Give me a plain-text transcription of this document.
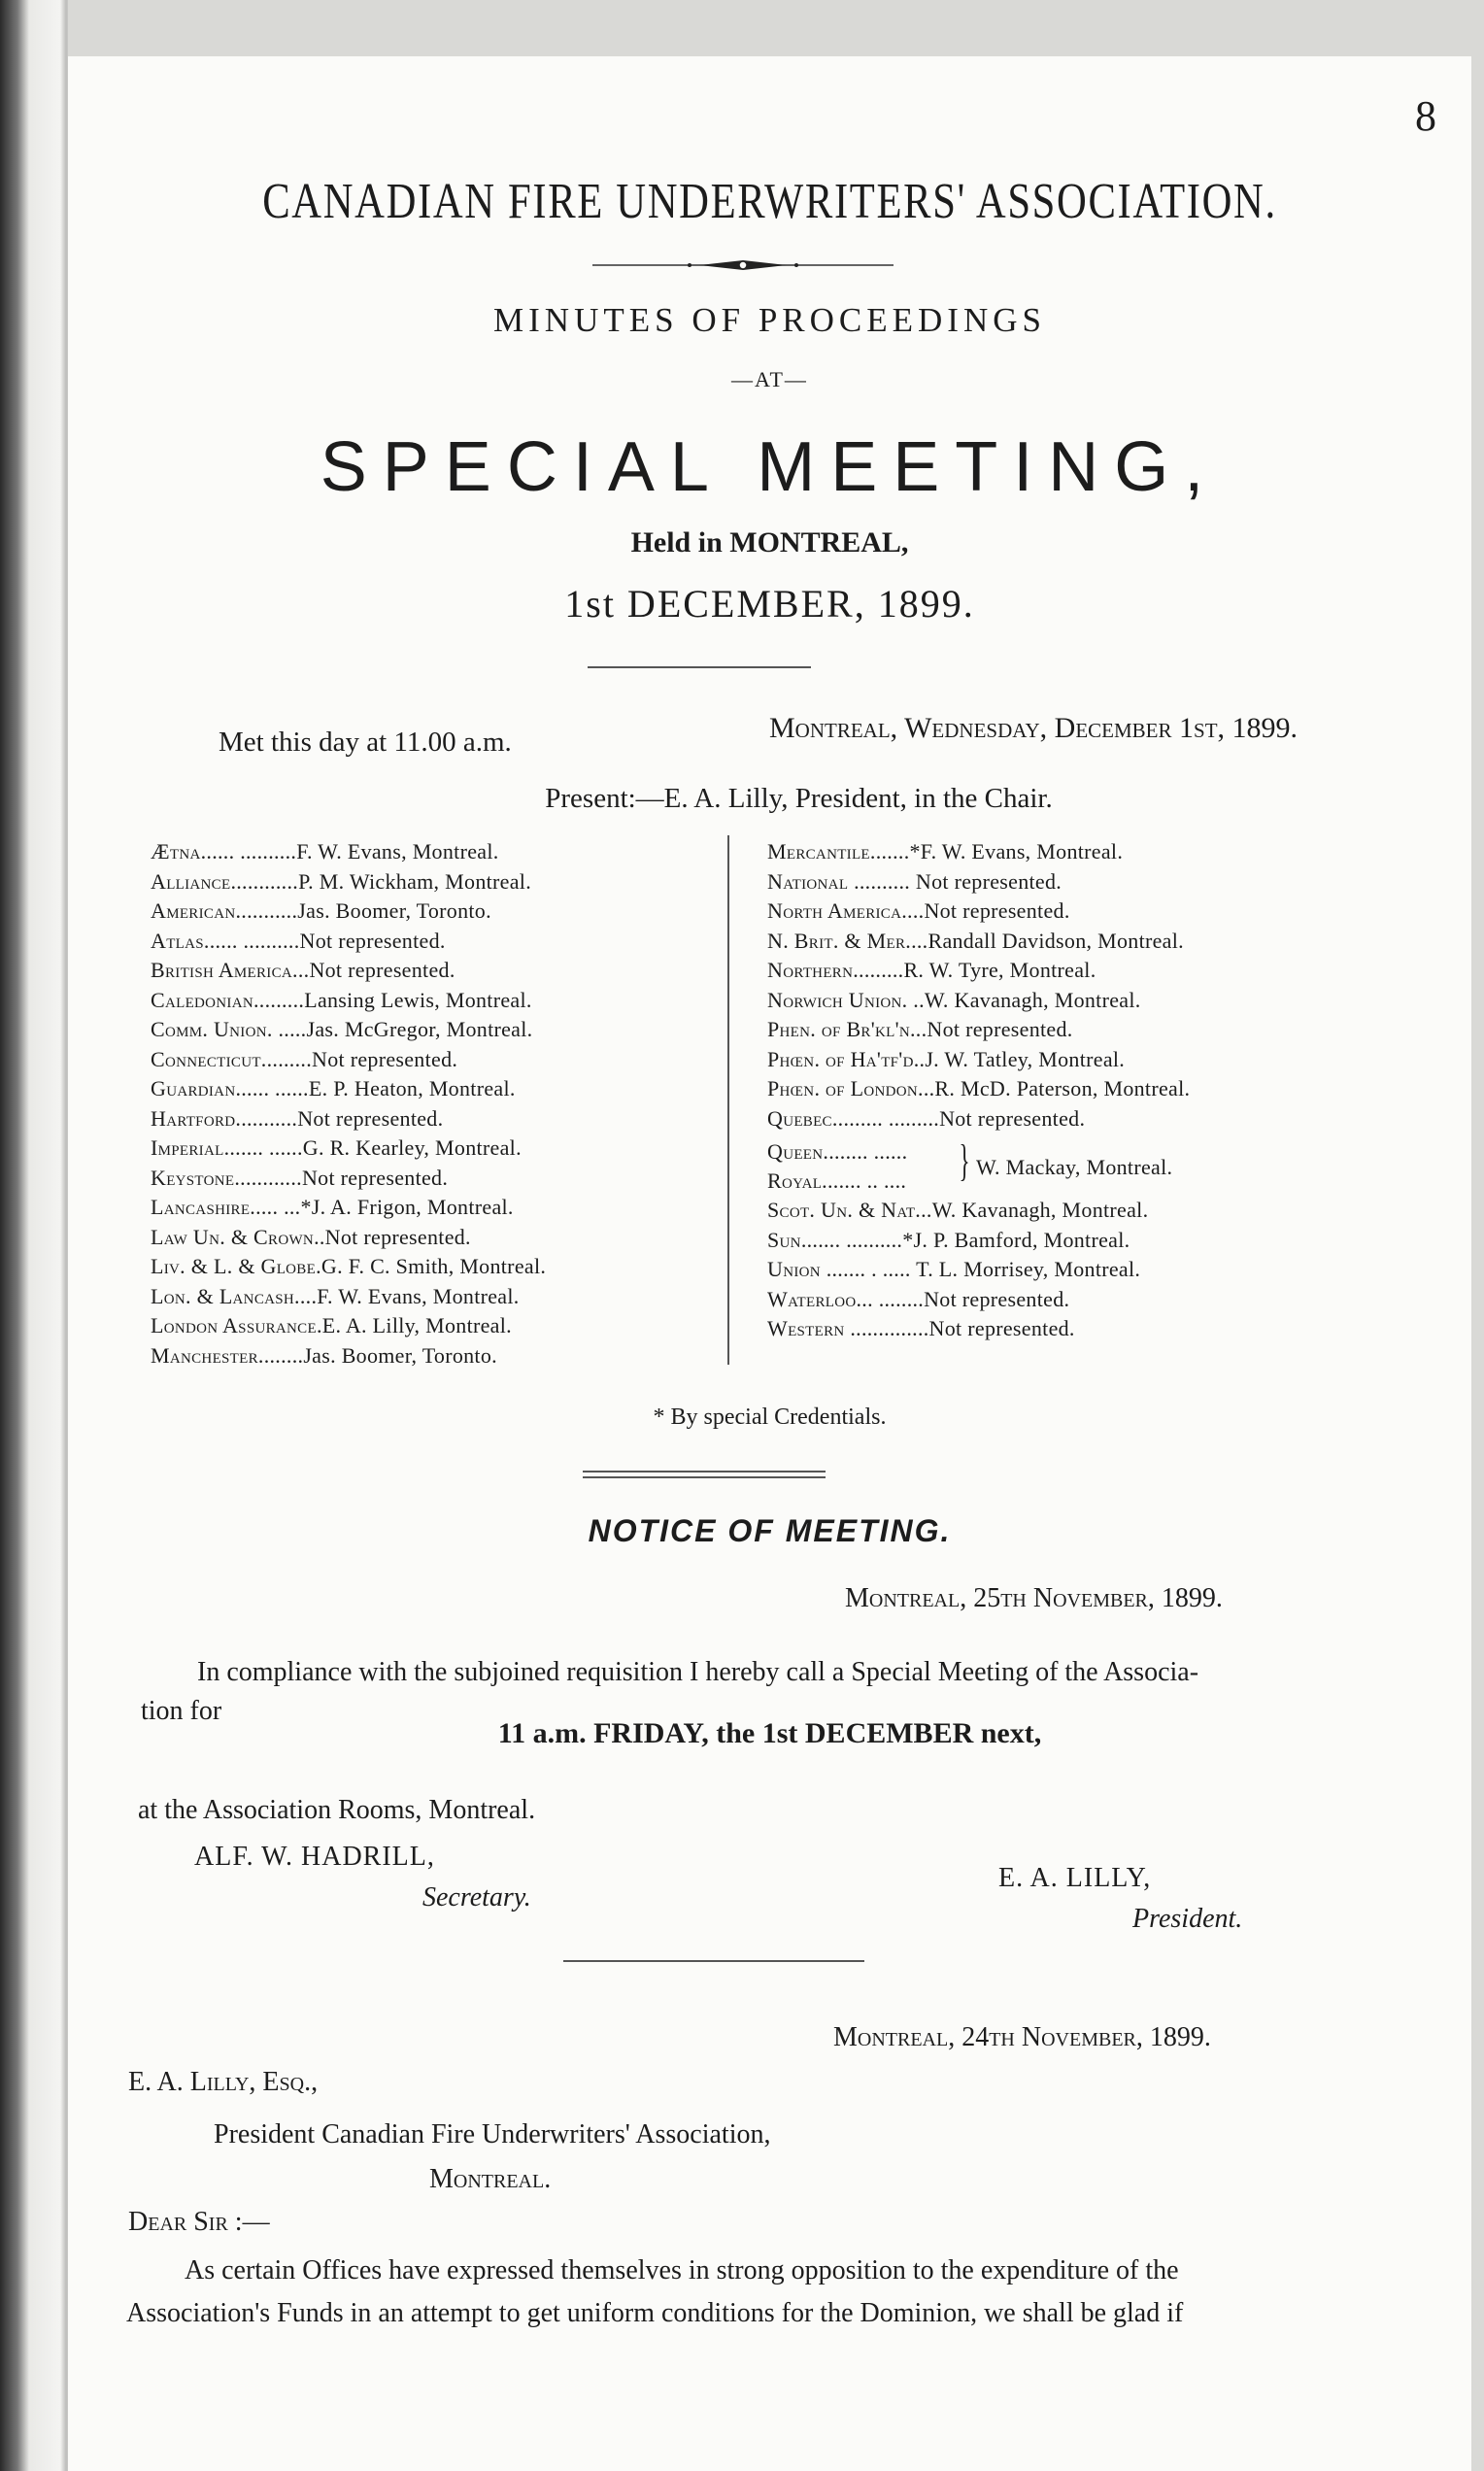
8
CANADIAN FIRE UNDERWRITERS' ASSOCIATION.
MINUTES OF PROCEEDINGS
—AT—
SPECIAL MEETING,
Held in MONTREAL,
1st DECEMBER, 1899.
Montreal, Wednesday, December 1st, 1899.
Met this day at 11.00 a.m.
Present:—E. A. Lilly, President, in the Chair.
Ætna...... ..........F. W. Evans, Montreal.
Alliance............P. M. Wickham, Montreal.
American...........Jas. Boomer, Toronto.
Atlas...... ..........Not represented.
British America...Not represented.
Caledonian.........Lansing Lewis, Montreal.
Comm. Union. .....Jas. McGregor, Montreal.
Connecticut.........Not represented.
Guardian...... ......E. P. Heaton, Montreal.
Hartford...........Not represented.
Imperial....... ......G. R. Kearley, Montreal.
Keystone............Not represented.
Lancashire..... ...*J. A. Frigon, Montreal.
Law Un. & Crown..Not represented.
Liv. & L. & Globe.G. F. C. Smith, Montreal.
Lon. & Lancash....F. W. Evans, Montreal.
London Assurance.E. A. Lilly, Montreal.
Manchester........Jas. Boomer, Toronto.
Mercantile.......*F. W. Evans, Montreal.
National .......... Not represented.
North America....Not represented.
N. Brit. & Mer....Randall Davidson, Montreal.
Northern.........R. W. Tyre, Montreal.
Norwich Union. ..W. Kavanagh, Montreal.
Phen. of Br'kl'n...Not represented.
Phœn. of Ha'tf'd..J. W. Tatley, Montreal.
Phœn. of London...R. McD. Paterson, Montreal.
Quebec......... .........Not represented.
Queen........ ......
Royal....... .. .... } W. Mackay, Montreal.
Scot. Un. & Nat...W. Kavanagh, Montreal.
Sun....... ..........*J. P. Bamford, Montreal.
Union ....... . ..... T. L. Morrisey, Montreal.
Waterloo... ........Not represented.
Western ..............Not represented.
* By special Credentials.
NOTICE OF MEETING.
Montreal, 25th November, 1899.
In compliance with the subjoined requisition I hereby call a Special Meeting of the Associa-
tion for
11 a.m. FRIDAY, the 1st DECEMBER next,
at the Association Rooms, Montreal.
ALF. W. HADRILL,
Secretary.
E. A. LILLY,
President.
Montreal, 24th November, 1899.
E. A. Lilly, Esq.,
President Canadian Fire Underwriters' Association,
Montreal.
Dear Sir :—
As certain Offices have expressed themselves in strong opposition to the expenditure of the
Association's Funds in an attempt to get uniform conditions for the Dominion, we shall be glad if
